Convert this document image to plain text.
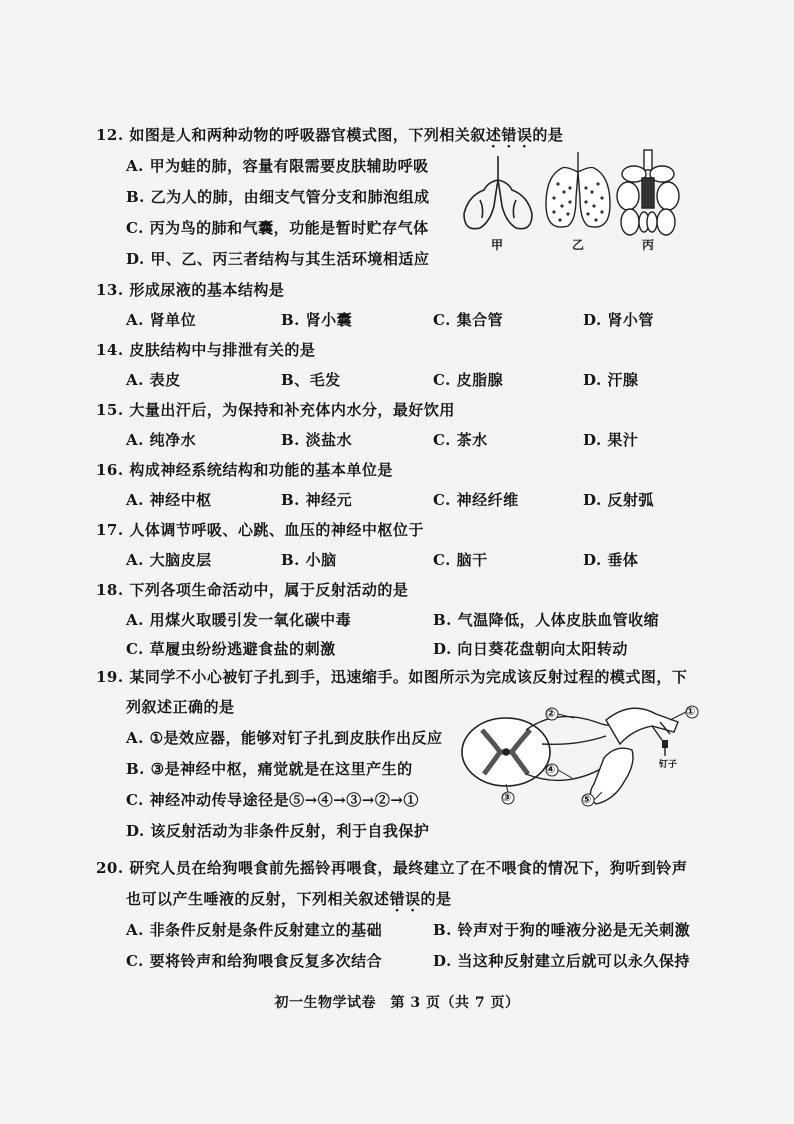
12. 如图是人和两种动物的呼吸器官模式图，下列相关叙述错误的是
A. 甲为蛙的肺，容量有限需要皮肤辅助呼吸
B. 乙为人的肺，由细支气管分支和肺泡组成
C. 丙为鸟的肺和气囊，功能是暂时贮存气体
D. 甲、乙、丙三者结构与其生活环境相适应
甲	乙	丙
13. 形成尿液的基本结构是
A. 肾单位	B. 肾小囊	C. 集合管	D. 肾小管
14. 皮肤结构中与排泄有关的是
A. 表皮	B、毛发	C. 皮脂腺	D. 汗腺
15. 大量出汗后，为保持和补充体内水分，最好饮用
A. 纯净水	B. 淡盐水	C. 茶水	D. 果汁
16. 构成神经系统结构和功能的基本单位是
A. 神经中枢	B. 神经元	C. 神经纤维	D. 反射弧
17. 人体调节呼吸、心跳、血压的神经中枢位于
A. 大脑皮层	B. 小脑	C. 脑干	D. 垂体
18. 下列各项生命活动中，属于反射活动的是
A. 用煤火取暖引发一氧化碳中毒	B. 气温降低，人体皮肤血管收缩
C. 草履虫纷纷逃避食盐的刺激	D. 向日葵花盘朝向太阳转动
19. 某同学不小心被钉子扎到手，迅速缩手。如图所示为完成该反射过程的模式图，下
列叙述正确的是
A. ①是效应器，能够对钉子扎到皮肤作出反应
B. ③是神经中枢，痛觉就是在这里产生的
C. 神经冲动传导途径是⑤→④→③→②→①
D. 该反射活动为非条件反射，利于自我保护
①
②
③
④
⑤
钉子
20. 研究人员在给狗喂食前先摇铃再喂食，最终建立了在不喂食的情况下，狗听到铃声
也可以产生唾液的反射，下列相关叙述错误的是
A. 非条件反射是条件反射建立的基础	B. 铃声对于狗的唾液分泌是无关刺激
C. 要将铃声和给狗喂食反复多次结合	D. 当这种反射建立后就可以永久保持
初一生物学试卷　第 3 页（共 7 页）
